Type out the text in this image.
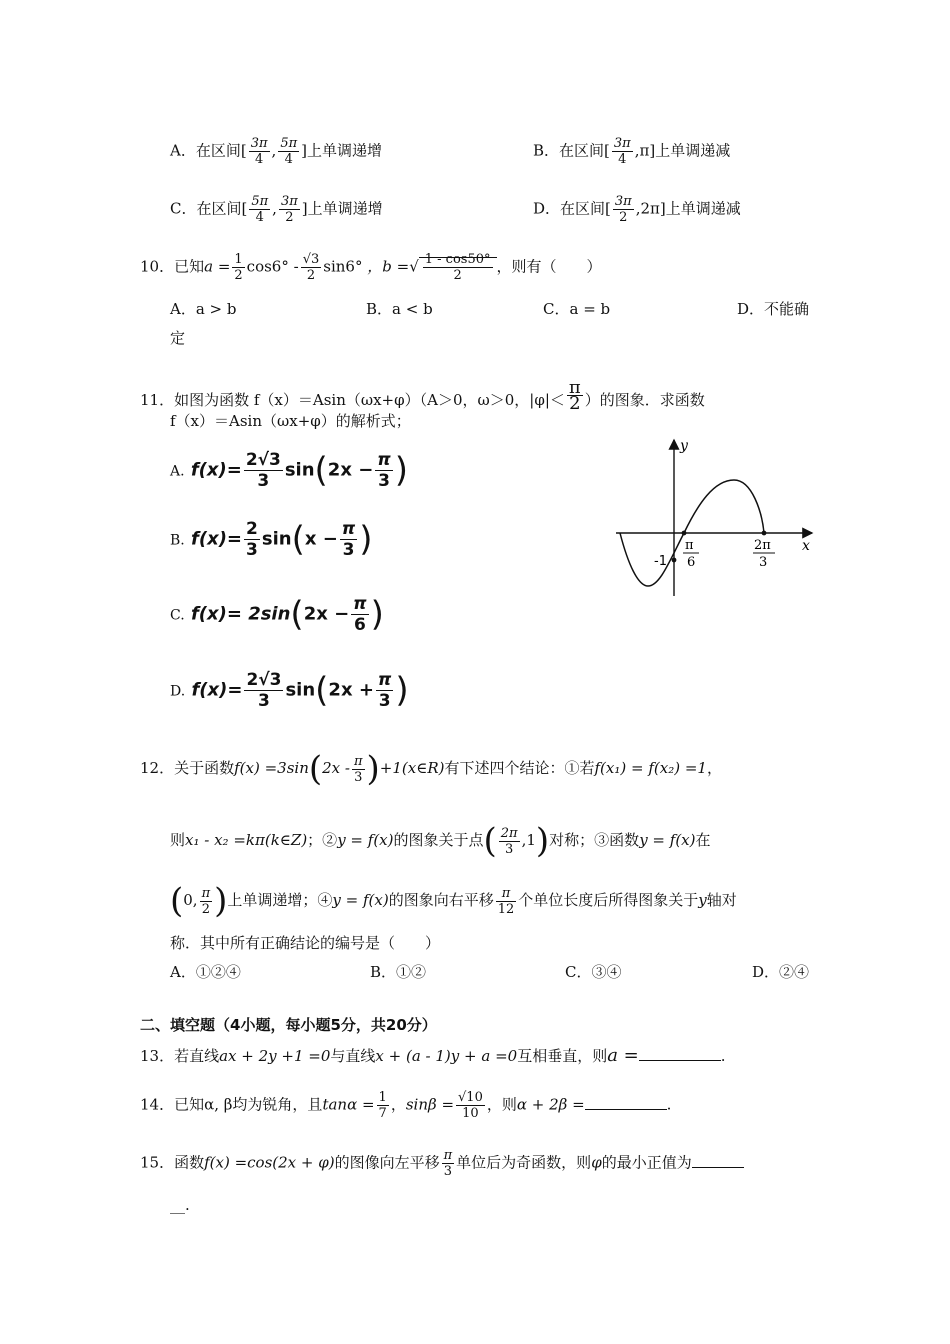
A．在区间[ $\frac{3\pi}{4}$ , $\frac{5\pi}{4}$ ]上单调递增	B．在区间[ $\frac{3\pi}{4} ,\pi$]上单调递减
C．在区间[ $\frac{5\pi}{4}$ , $\frac{3\pi}{2}$ ]上单调递增	D．在区间[ $\frac{3\pi}{2} ,2\pi$]上单调递减
10．已知$a = \frac{1}{2} \cos 6^\circ - \frac{√3}{2} \sin 6^\circ$ ，b =√ $\frac{1 - \cos 50^\circ}{2}$ ，则有（　　）
A．a > b	B．a < b	C．a = b	D．不能确
定
11．如图为函数 f（x）＝Asin（ωx+φ）（A＞0，ω＞0，$|\varphi|< \frac{\pi}{2}$ ）的图象．求函数
f（x）＝Asin（ωx+φ）的解析式；
A. $f(x)= \frac{2√3}{3} \sin(2x - \frac{\pi}{3}$ )
B. $f(x)= \frac{2}{3} \sin(x - \frac{\pi}{3}$ )
C. $f(x)= 2\sin(2x - \frac{\pi}{6}$ )
D. $f(x)= \frac{2√3}{3} \sin(2x + \frac{\pi}{3}$ )
y
x
-1
π
6
2π
3
12．关于函数$f(x) =3\sin(2x - \frac{\pi}{3}$ )+1(x∈R)有下述四个结论：①若f(x₁) = f(x₂) =1，
则x₁ - x₂ =kπ(k∈Z)；②y = f(x)的图象关于点( $\frac{2\pi}{3} ,1$)对称；③函数y = f(x)在
(0, $\frac{\pi}{2}$ )上单调递增；④y = f(x)的图象向右平移 $\frac{\pi}{12}$ 个单位长度后所得图象关于y轴对
称．其中所有正确结论的编号是（　　）
A．①②④	B．①②	C．③④	D．②④
二、填空题（4小题，每小题5分，共20分）
13．若直线ax + 2y +1 =0与直线x + (a - 1)y + a =0互相垂直，则a =	.
14．已知α, β均为锐角，且$\tan\alpha = \frac{1}{7}$ ，$\sin\beta = \frac{√10}{10}$ ，则α + 2β =	.
15．函数f(x) =cos(2x + φ)的图像向左平移 $\frac{\pi}{3}$ 单位后为奇函数，则φ的最小正值为
__.
